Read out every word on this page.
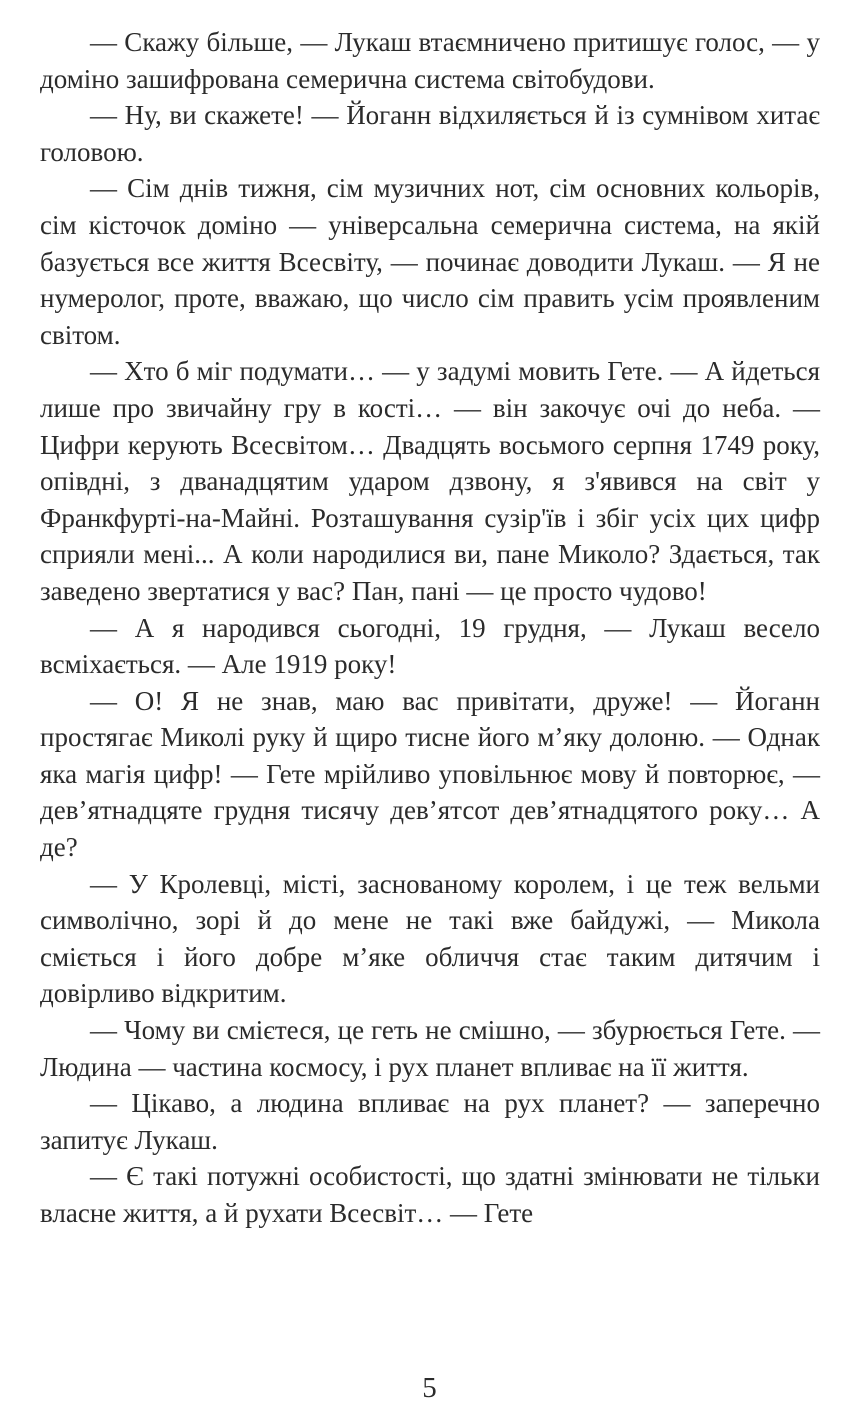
— Скажу більше, — Лукаш втаємничено притишує голос, — у доміно зашифрована семерична система світобудови.

— Ну, ви скажете! — Йоганн відхиляється й із сумнівом хитає головою.

— Сім днів тижня, сім музичних нот, сім основних кольорів, сім кісточок доміно — універсальна семерична система, на якій базується все життя Всесвіту, — починає доводити Лукаш. — Я не нумеролог, проте, вважаю, що число сім править усім проявленим світом.

— Хто б міг подумати… — у задумі мовить Гете. — А йдеться лише про звичайну гру в кості… — він закочує очі до неба. — Цифри керують Всесвітом… Двадцять восьмого серпня 1749 року, опівдні, з дванадцятим ударом дзвону, я з'явився на світ у Франкфурті-на-Майні. Розташування сузір'їв і збіг усіх цих цифр сприяли мені... А коли народилися ви, пане Миколо? Здається, так заведено звертатися у вас? Пан, пані — це просто чудово!

— А я народився сьогодні, 19 грудня, — Лукаш весело всміхається. — Але 1919 року!

— О! Я не знав, маю вас привітати, друже! — Йоганн простягає Миколі руку й щиро тисне його м’яку долоню. — Однак яка магія цифр! — Гете мрійливо уповільнює мову й повторює, — дев’ятнадцяте грудня тисячу дев’ятсот дев’ятнадцятого року… А де?

— У Кролевці, місті, заснованому королем, і це теж вельми символічно, зорі й до мене не такі вже байдужі, — Микола сміється і його добре м’яке обличчя стає таким дитячим і довірливо відкритим.

— Чому ви смієтеся, це геть не смішно, — збурюється Гете. — Людина — частина космосу, і рух планет впливає на її життя.

— Цікаво, а людина впливає на рух планет? — заперечно запитує Лукаш.

— Є такі потужні особистості, що здатні змінювати не тільки власне життя, а й рухати Всесвіт… — Гете

5
